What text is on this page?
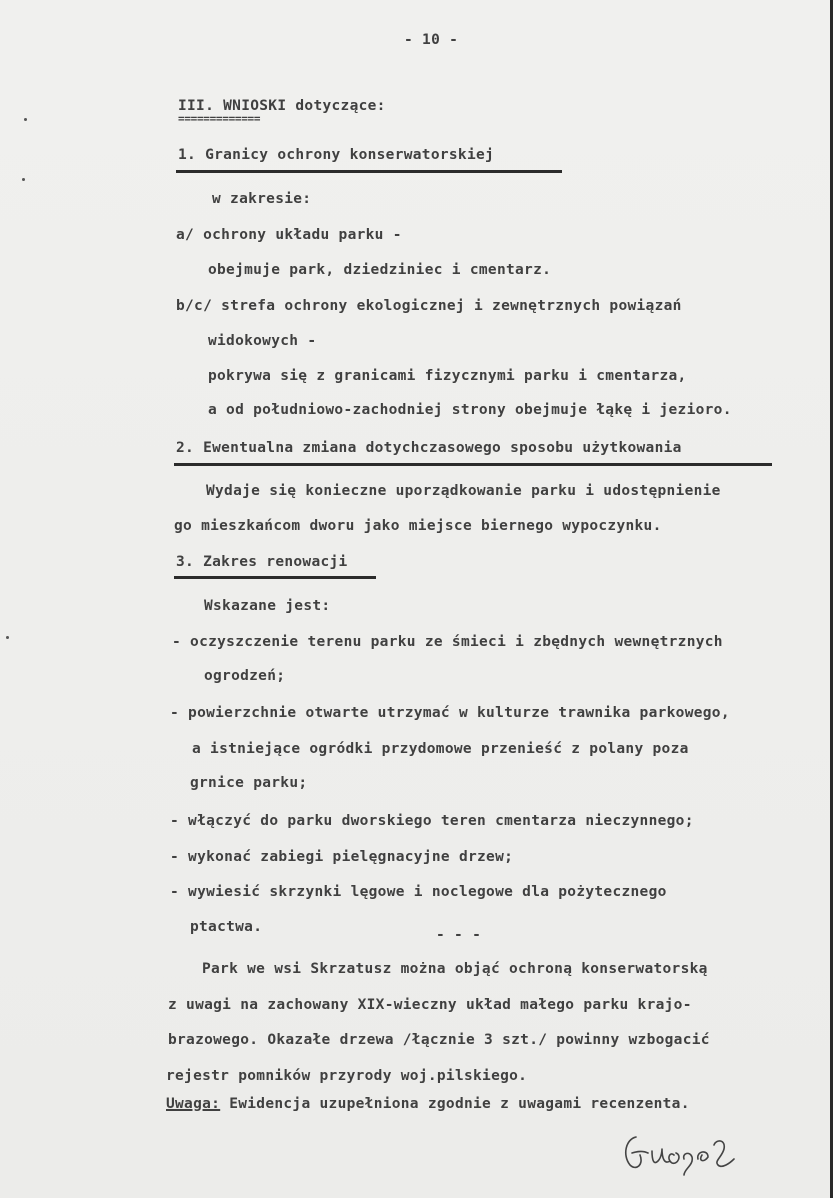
- 10 -
III. WNIOSKI dotyczące:
=============
1. Granicy ochrony konserwatorskiej
w zakresie:
a/ ochrony układu parku -
obejmuje park, dziedziniec i cmentarz.
b/c/ strefa ochrony ekologicznej i zewnętrznych powiązań
widokowych -
pokrywa się z granicami fizycznymi parku i cmentarza,
a od południowo-zachodniej strony obejmuje łąkę i jezioro.
2. Ewentualna zmiana dotychczasowego sposobu użytkowania
Wydaje się konieczne uporządkowanie parku i udostępnienie
go mieszkańcom dworu jako miejsce biernego wypoczynku.
3. Zakres renowacji
Wskazane jest:
- oczyszczenie terenu parku ze śmieci i zbędnych wewnętrznych
ogrodzeń;
- powierzchnie otwarte utrzymać w kulturze trawnika parkowego,
a istniejące ogródki przydomowe przenieść z polany poza
grnice parku;
- włączyć do parku dworskiego teren cmentarza nieczynnego;
- wykonać zabiegi pielęgnacyjne drzew;
- wywiesić skrzynki lęgowe i noclegowe dla pożytecznego
ptactwa.	- - -
Park we wsi Skrzatusz można objąć ochroną konserwatorską
z uwagi na zachowany XIX-wieczny układ małego parku krajo-
brazowego. Okazałe drzewa /łącznie 3 szt./ powinny wzbogacić
rejestr pomników przyrody woj.pilskiego.
Uwaga: Ewidencja uzupełniona zgodnie z uwagami recenzenta.
